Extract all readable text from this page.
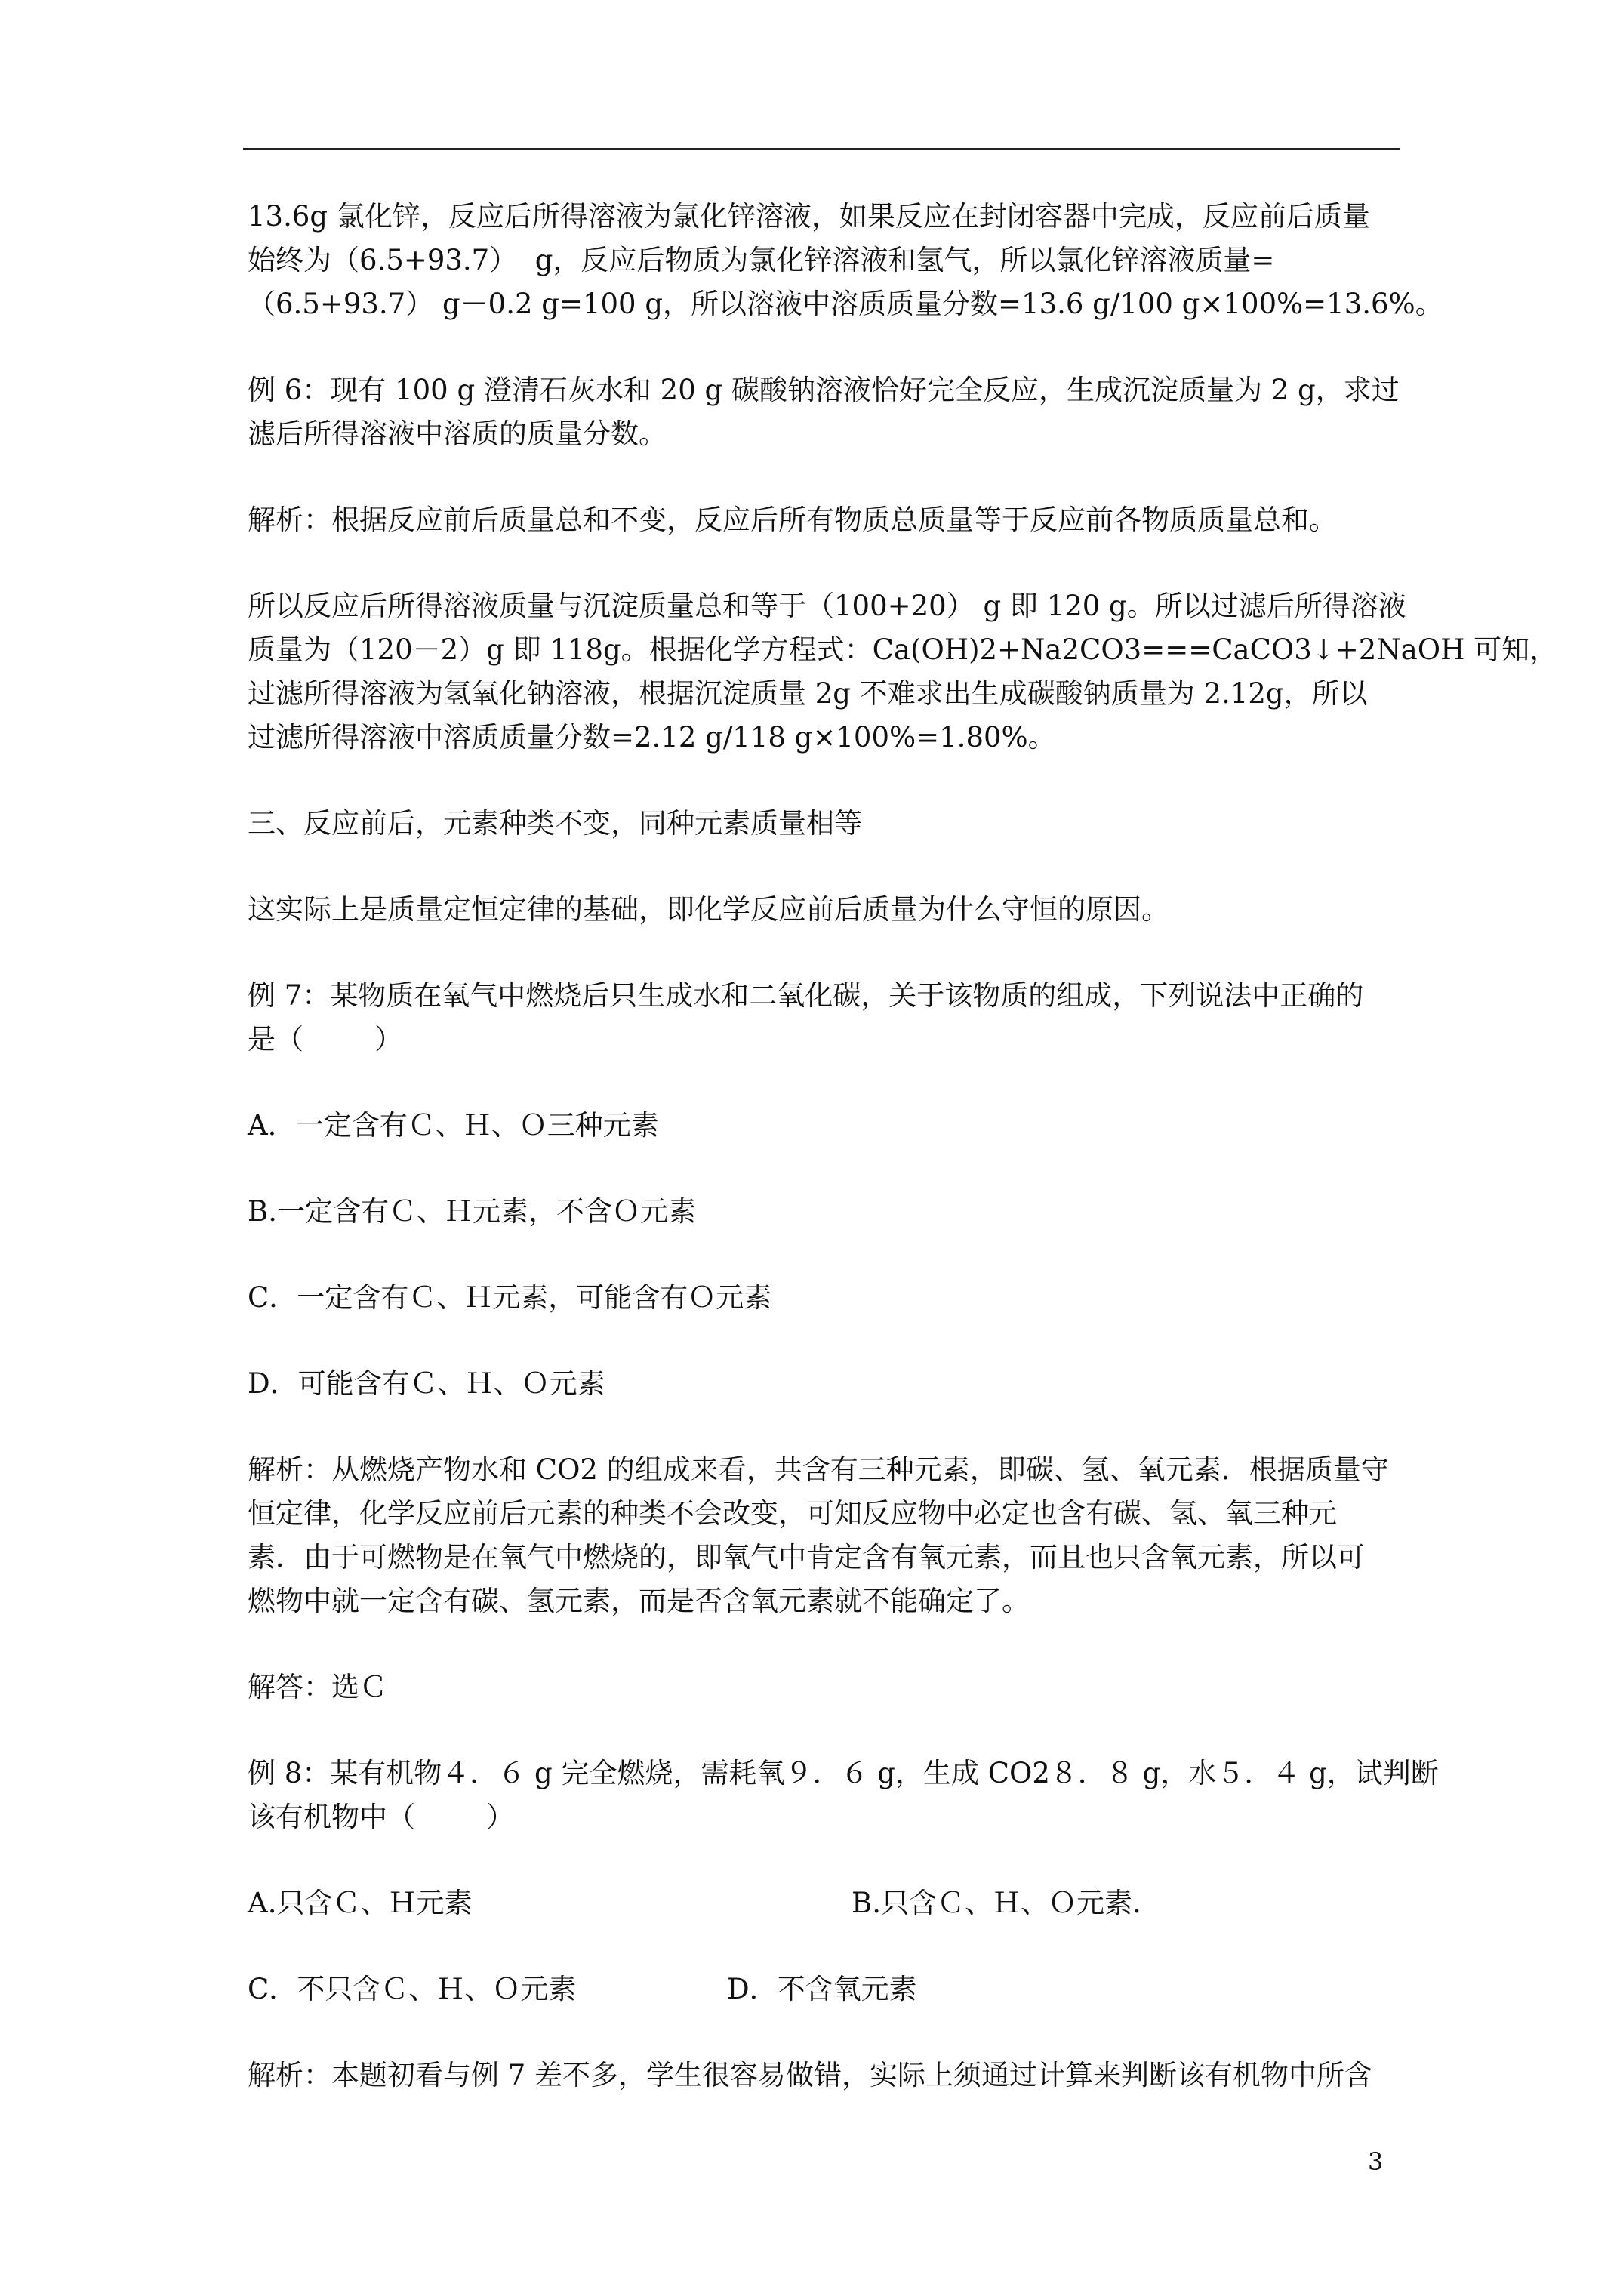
13.6g 氯化锌，反应后所得溶液为氯化锌溶液，如果反应在封闭容器中完成，反应前后质量
始终为（6.5+93.7）  g，反应后物质为氯化锌溶液和氢气，所以氯化锌溶液质量=
（6.5+93.7） g－0.2 g=100 g，所以溶液中溶质质量分数=13.6 g/100 g×100%=13.6%。

例 6：现有 100 g 澄清石灰水和 20 g 碳酸钠溶液恰好完全反应，生成沉淀质量为 2 g，求过
滤后所得溶液中溶质的质量分数。

解析：根据反应前后质量总和不变，反应后所有物质总质量等于反应前各物质质量总和。

所以反应后所得溶液质量与沉淀质量总和等于（100+20） g 即 120 g。所以过滤后所得溶液
质量为（120－2）g 即 118g。根据化学方程式：Ca(OH)2+Na2CO3===CaCO3↓+2NaOH 可知，
过滤所得溶液为氢氧化钠溶液，根据沉淀质量 2g 不难求出生成碳酸钠质量为 2.12g，所以
过滤所得溶液中溶质质量分数=2.12 g/118 g×100%=1.80%。

三、反应前后，元素种类不变，同种元素质量相等

这实际上是质量定恒定律的基础，即化学反应前后质量为什么守恒的原因。

例 7：某物质在氧气中燃烧后只生成水和二氧化碳，关于该物质的组成，下列说法中正确的
是（        ）

A．一定含有Ｃ、Ｈ、Ｏ三种元素

B.一定含有Ｃ、Ｈ元素，不含Ｏ元素

C．一定含有Ｃ、Ｈ元素，可能含有Ｏ元素

D．可能含有Ｃ、Ｈ、Ｏ元素

解析：从燃烧产物水和 CO2 的组成来看，共含有三种元素，即碳、氢、氧元素．根据质量守
恒定律，化学反应前后元素的种类不会改变，可知反应物中必定也含有碳、氢、氧三种元
素．由于可燃物是在氧气中燃烧的，即氧气中肯定含有氧元素，而且也只含氧元素，所以可
燃物中就一定含有碳、氢元素，而是否含氧元素就不能确定了。

解答：选Ｃ

例 8：某有机物４．６ g 完全燃烧，需耗氧９．６ g，生成 CO2８．８ g，水５．４ g，试判断
该有机物中（        ）

A.只含Ｃ、Ｈ元素	B.只含Ｃ、Ｈ、Ｏ元素.
C．不只含Ｃ、Ｈ、Ｏ元素	D．不含氧元素

解析：本题初看与例 7 差不多，学生很容易做错，实际上须通过计算来判断该有机物中所含

3
